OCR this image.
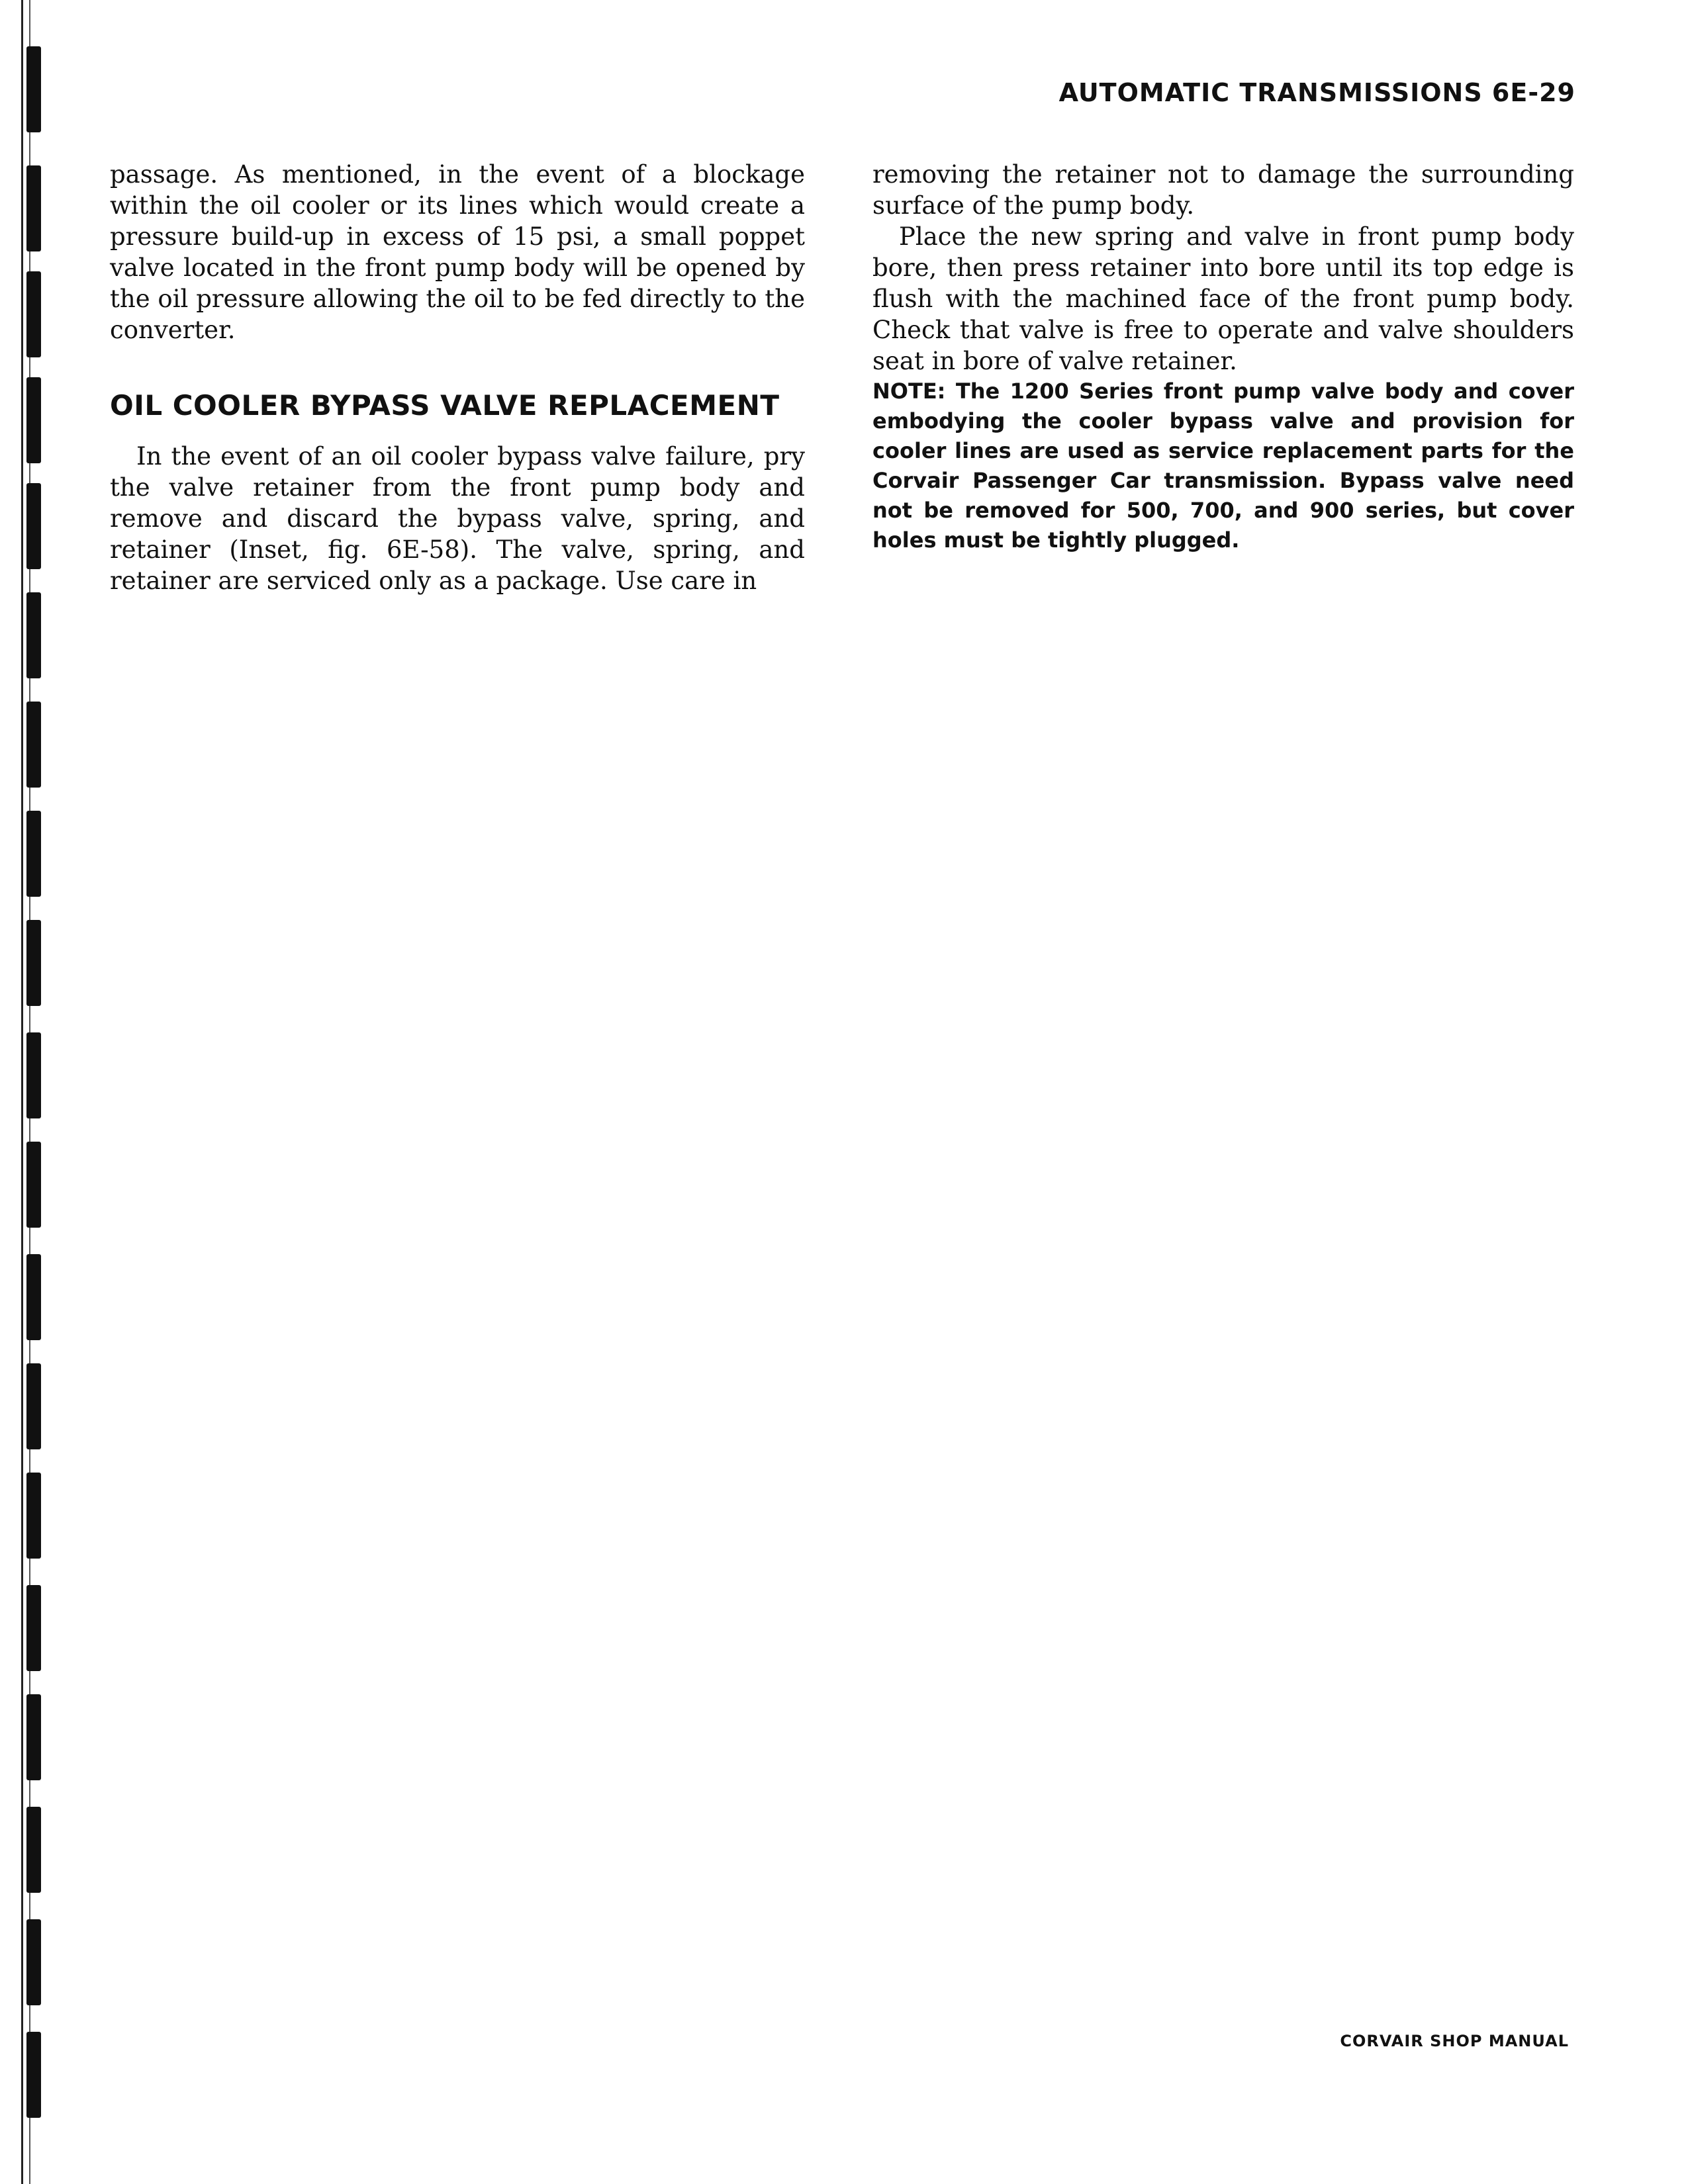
AUTOMATIC TRANSMISSIONS 6E-29

passage. As mentioned, in the event of a blockage within the oil cooler or its lines which would create a pressure build-up in excess of 15 psi, a small poppet valve located in the front pump body will be opened by the oil pressure allowing the oil to be fed directly to the converter.

OIL COOLER BYPASS VALVE REPLACEMENT

In the event of an oil cooler bypass valve failure, pry the valve retainer from the front pump body and remove and discard the bypass valve, spring, and retainer (Inset, fig. 6E-58). The valve, spring, and retainer are serviced only as a package. Use care in

removing the retainer not to damage the surrounding surface of the pump body.

Place the new spring and valve in front pump body bore, then press retainer into bore until its top edge is flush with the machined face of the front pump body. Check that valve is free to operate and valve shoulders seat in bore of valve retainer.

NOTE: The 1200 Series front pump valve body and cover embodying the cooler bypass valve and provision for cooler lines are used as service replacement parts for the Corvair Passenger Car transmission. Bypass valve need not be removed for 500, 700, and 900 series, but cover holes must be tightly plugged.

CORVAIR SHOP MANUAL
